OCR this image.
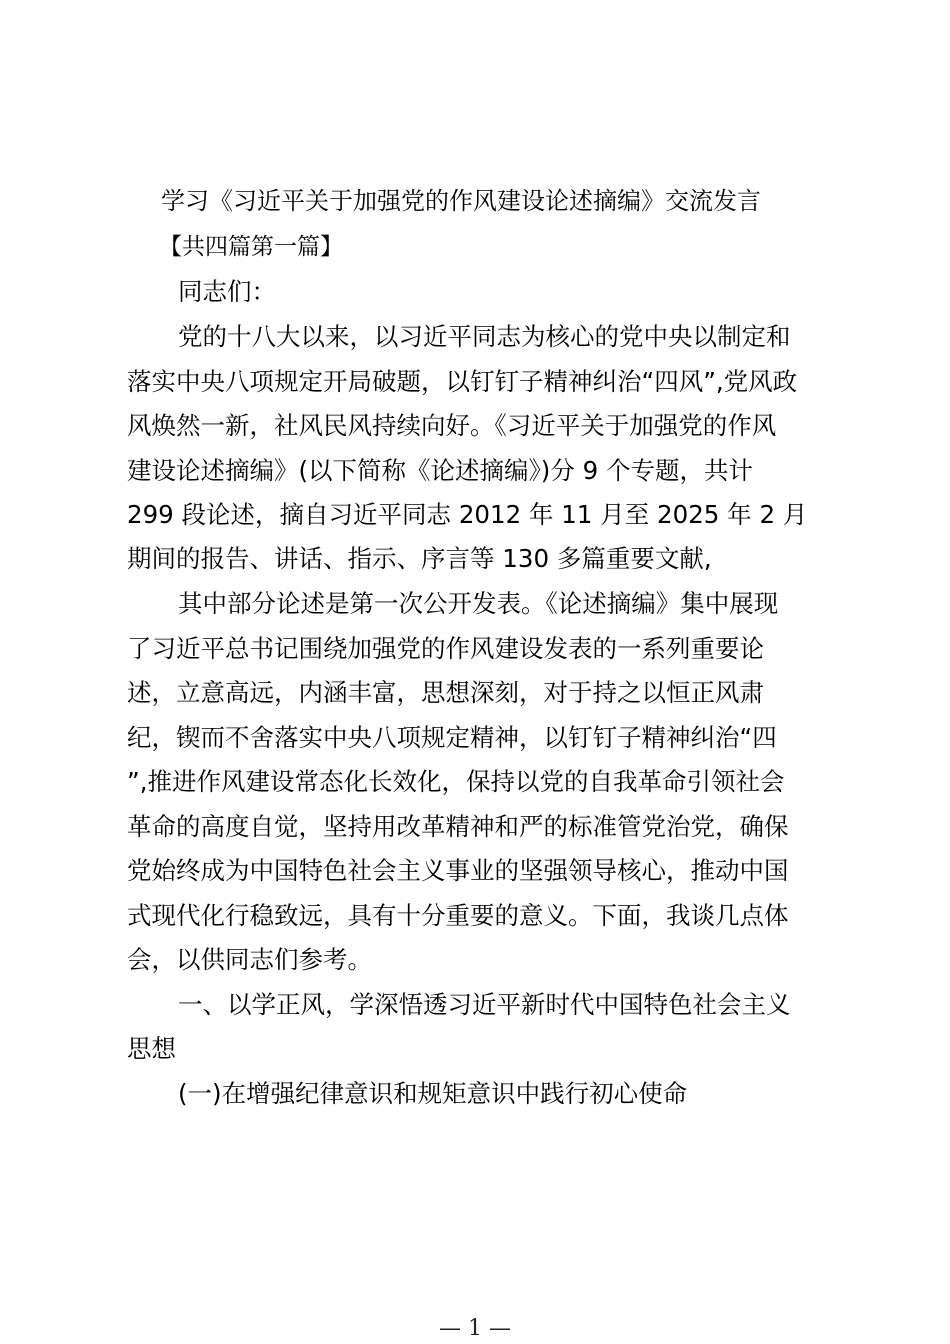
学习《习近平关于加强党的作风建设论述摘编》交流发言
【共四篇第一篇】
同志们：
党的十八大以来，以习近平同志为核心的党中央以制定和
落实中央八项规定开局破题，以钉钉子精神纠治“四风”,党风政
风焕然一新，社风民风持续向好。《习近平关于加强党的作风
建设论述摘编》(以下简称《论述摘编》)分 9 个专题，共计
299 段论述，摘自习近平同志 2012 年 11 月至 2025 年 2 月
期间的报告、讲话、指示、序言等 130 多篇重要文献,
其中部分论述是第一次公开发表。《论述摘编》集中展现
了习近平总书记围绕加强党的作风建设发表的一系列重要论
述，立意高远，内涵丰富，思想深刻，对于持之以恒正风肃
纪，锲而不舍落实中央八项规定精神，以钉钉子精神纠治“四
”,推进作风建设常态化长效化，保持以党的自我革命引领社会
革命的高度自觉，坚持用改革精神和严的标准管党治党，确保
党始终成为中国特色社会主义事业的坚强领导核心，推动中国
式现代化行稳致远，具有十分重要的意义。下面，我谈几点体
会，以供同志们参考。
一、以学正风，学深悟透习近平新时代中国特色社会主义
思想
(一)在增强纪律意识和规矩意识中践行初心使命
— 1 —
